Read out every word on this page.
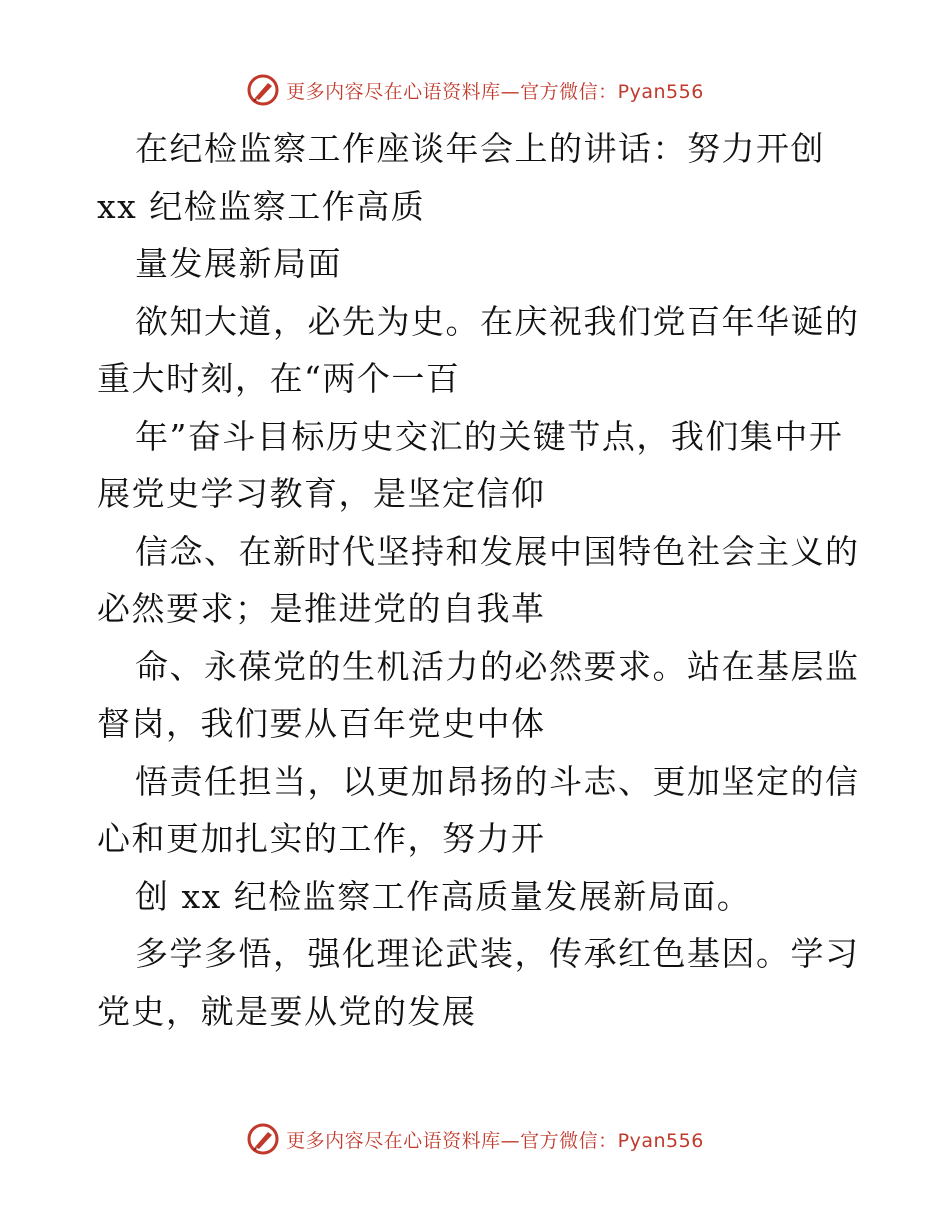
更多内容尽在心语资料库—官方微信：Pyan556
在纪检监察工作座谈年会上的讲话：努力开创
xx 纪检监察工作高质
量发展新局面
欲知大道，必先为史。在庆祝我们党百年华诞的
重大时刻，在“两个一百
年”奋斗目标历史交汇的关键节点，我们集中开
展党史学习教育，是坚定信仰
信念、在新时代坚持和发展中国特色社会主义的
必然要求；是推进党的自我革
命、永葆党的生机活力的必然要求。站在基层监
督岗，我们要从百年党史中体
悟责任担当，以更加昂扬的斗志、更加坚定的信
心和更加扎实的工作，努力开
创 xx 纪检监察工作高质量发展新局面。
多学多悟，强化理论武装，传承红色基因。学习
党史，就是要从党的发展
更多内容尽在心语资料库—官方微信：Pyan556
